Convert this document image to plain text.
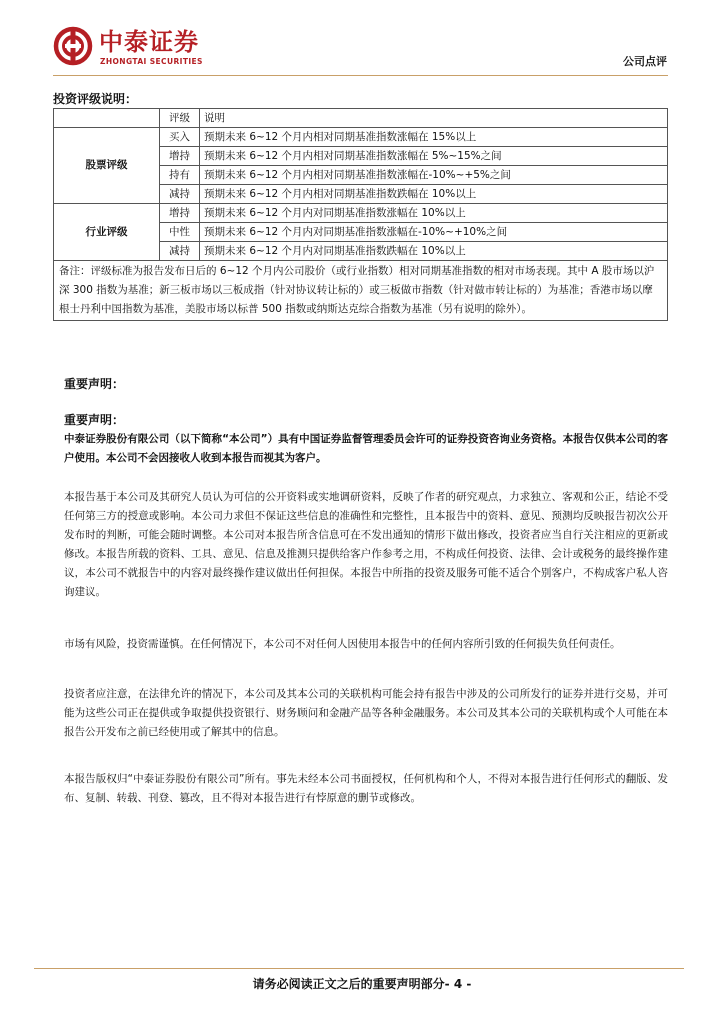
中泰证券
ZHONGTAI SECURITIES	公司点评
投资评级说明：
	评级	说明
股票评级	买入	预期未来 6~12 个月内相对同期基准指数涨幅在 15%以上
	增持	预期未来 6~12 个月内相对同期基准指数涨幅在 5%~15%之间
	持有	预期未来 6~12 个月内相对同期基准指数涨幅在-10%~+5%之间
	减持	预期未来 6~12 个月内相对同期基准指数跌幅在 10%以上
行业评级	增持	预期未来 6~12 个月内对同期基准指数涨幅在 10%以上
	中性	预期未来 6~12 个月内对同期基准指数涨幅在-10%~+10%之间
	减持	预期未来 6~12 个月内对同期基准指数跌幅在 10%以上
备注：评级标准为报告发布日后的 6~12 个月内公司股价（或行业指数）相对同期基准指数的相对市场表现。其中 A 股市场以沪深 300 指数为基准；新三板市场以三板成指（针对协议转让标的）或三板做市指数（针对做市转让标的）为基准；香港市场以摩根士丹利中国指数为基准，美股市场以标普 500 指数或纳斯达克综合指数为基准（另有说明的除外）。		
重要声明：
重要声明：
中泰证券股份有限公司（以下简称“本公司”）具有中国证券监督管理委员会许可的证券投资咨询业务资格。本报告仅供本公司的客户使用。本公司不会因接收人收到本报告而视其为客户。
本报告基于本公司及其研究人员认为可信的公开资料或实地调研资料，反映了作者的研究观点，力求独立、客观和公正，结论不受任何第三方的授意或影响。本公司力求但不保证这些信息的准确性和完整性，且本报告中的资料、意见、预测均反映报告初次公开发布时的判断，可能会随时调整。本公司对本报告所含信息可在不发出通知的情形下做出修改，投资者应当自行关注相应的更新或修改。本报告所载的资料、工具、意见、信息及推测只提供给客户作参考之用，不构成任何投资、法律、会计或税务的最终操作建议，本公司不就报告中的内容对最终操作建议做出任何担保。本报告中所指的投资及服务可能不适合个别客户，不构成客户私人咨询建议。
市场有风险，投资需谨慎。在任何情况下，本公司不对任何人因使用本报告中的任何内容所引致的任何损失负任何责任。
投资者应注意，在法律允许的情况下，本公司及其本公司的关联机构可能会持有报告中涉及的公司所发行的证券并进行交易，并可能为这些公司正在提供或争取提供投资银行、财务顾问和金融产品等各种金融服务。本公司及其本公司的关联机构或个人可能在本报告公开发布之前已经使用或了解其中的信息。
本报告版权归“中泰证券股份有限公司”所有。事先未经本公司书面授权，任何机构和个人，不得对本报告进行任何形式的翻版、发布、复制、转载、刊登、篡改，且不得对本报告进行有悖原意的删节或修改。
请务必阅读正文之后的重要声明部分- 4 -
